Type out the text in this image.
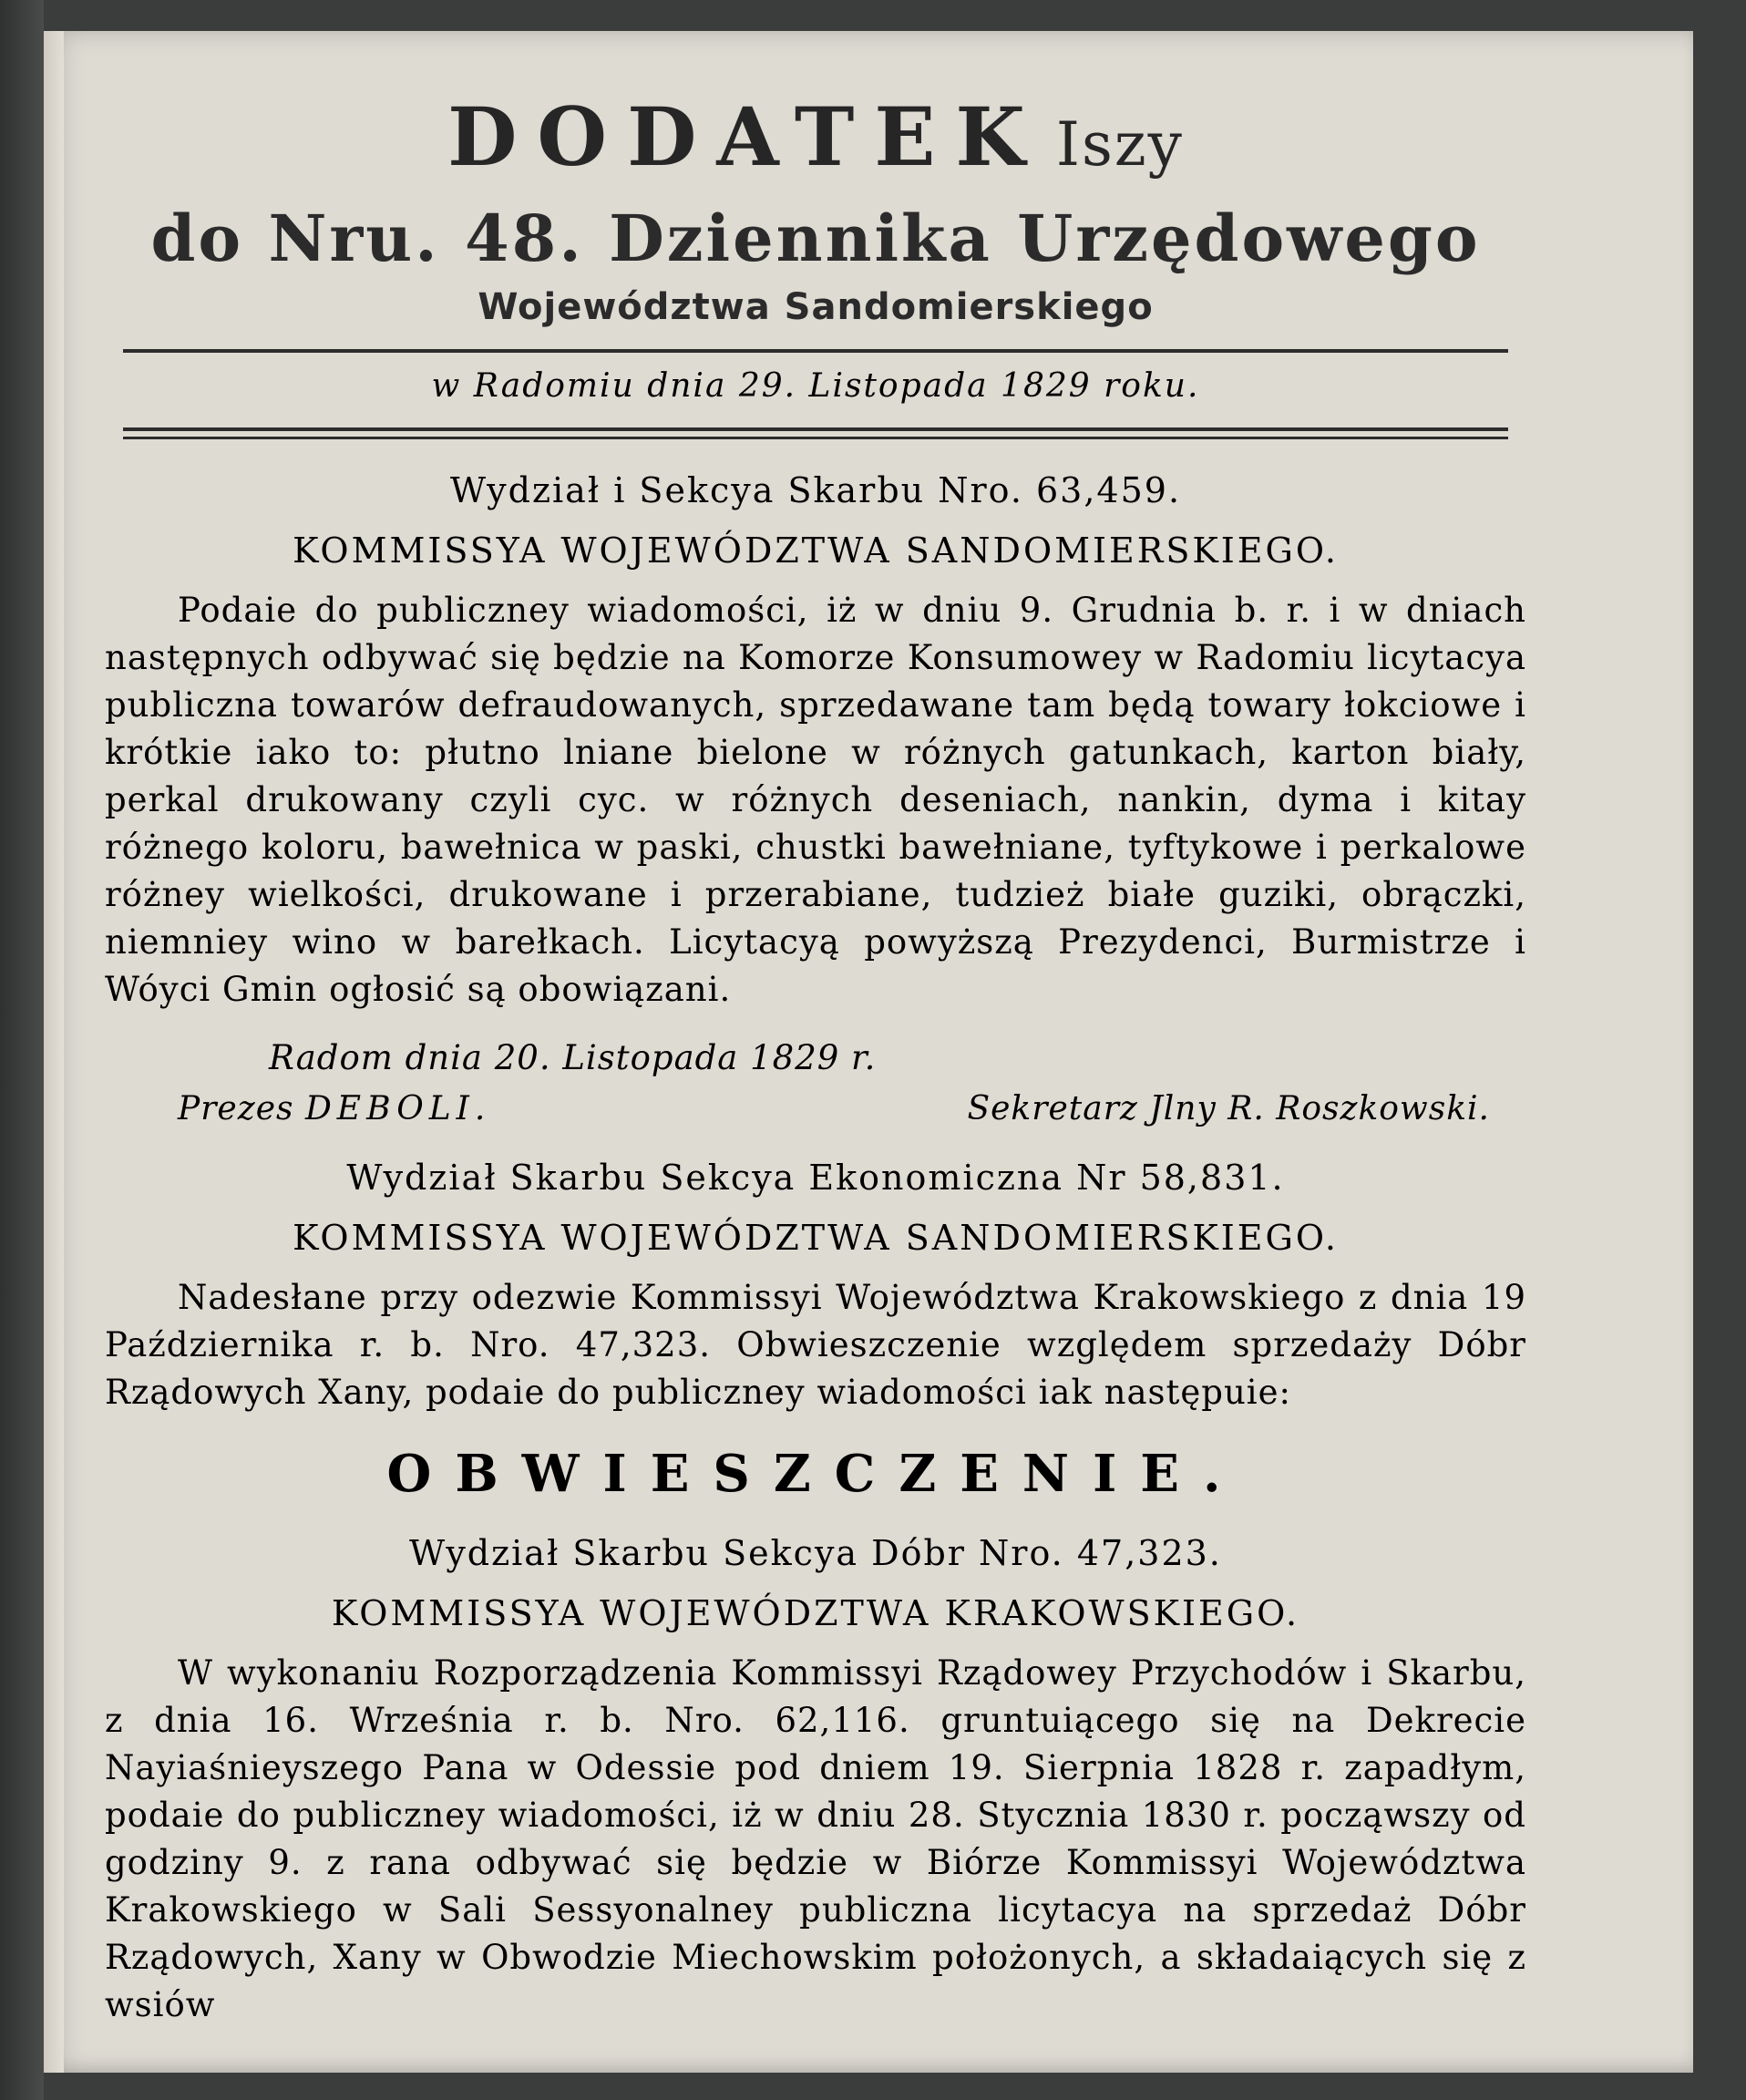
DODATEK Iszy
do Nru. 48. Dziennika Urzędowego
Województwa Sandomierskiego
w Radomiu dnia 29. Listopada 1829 roku.
Wydział i Sekcya Skarbu Nro. 63,459.
KOMMISSYA WOJEWÓDZTWA SANDOMIERSKIEGO.

Podaie do publiczney wiadomości, iż w dniu 9. Grudnia b. r. i w dniach następnych odbywać się będzie na Komorze Konsumowey w Radomiu licytacya publiczna towarów defraudowanych, sprzedawane tam będą towary łokciowe i krótkie iako to: płutno lniane bielone w różnych gatunkach, karton biały, perkal drukowany czyli cyc. w różnych deseniach, nankin, dyma i kitay różnego koloru, bawełnica w paski, chustki bawełniane, tyftykowe i perkalowe różney wielkości, drukowane i przerabiane, tudzież białe guziki, obrączki, niemniey wino w barełkach. Licytacyą powyższą Prezydenci, Burmistrze i Wóyci Gmin ogłosić są obowiązani.

Radom dnia 20. Listopada 1829 r.
Prezes DEBOLI.	Sekretarz Jlny R. Roszkowski.
Wydział Skarbu Sekcya Ekonomiczna Nr 58,831.
KOMMISSYA WOJEWÓDZTWA SANDOMIERSKIEGO.

Nadesłane przy odezwie Kommissyi Województwa Krakowskiego z dnia 19 Października r. b. Nro. 47,323. Obwieszczenie względem sprzedaży Dóbr Rządowych Xany, podaie do publiczney wiadomości iak następuie:

OBWIESZCZENIE.
Wydział Skarbu Sekcya Dóbr Nro. 47,323.
KOMMISSYA WOJEWÓDZTWA KRAKOWSKIEGO.

W wykonaniu Rozporządzenia Kommissyi Rządowey Przychodów i Skarbu, z dnia 16. Września r. b. Nro. 62,116. gruntuiącego się na Dekrecie Nayiaśnieyszego Pana w Odessie pod dniem 19. Sierpnia 1828 r. zapadłym, podaie do publiczney wiadomości, iż w dniu 28. Stycznia 1830 r. począwszy od godziny 9. z rana odbywać się będzie w Biórze Kommissyi Województwa Krakowskiego w Sali Sessyonalney publiczna licytacya na sprzedaż Dóbr Rządowych, Xany w Obwodzie Miechowskim położonych, a składaiących się z wsiów
